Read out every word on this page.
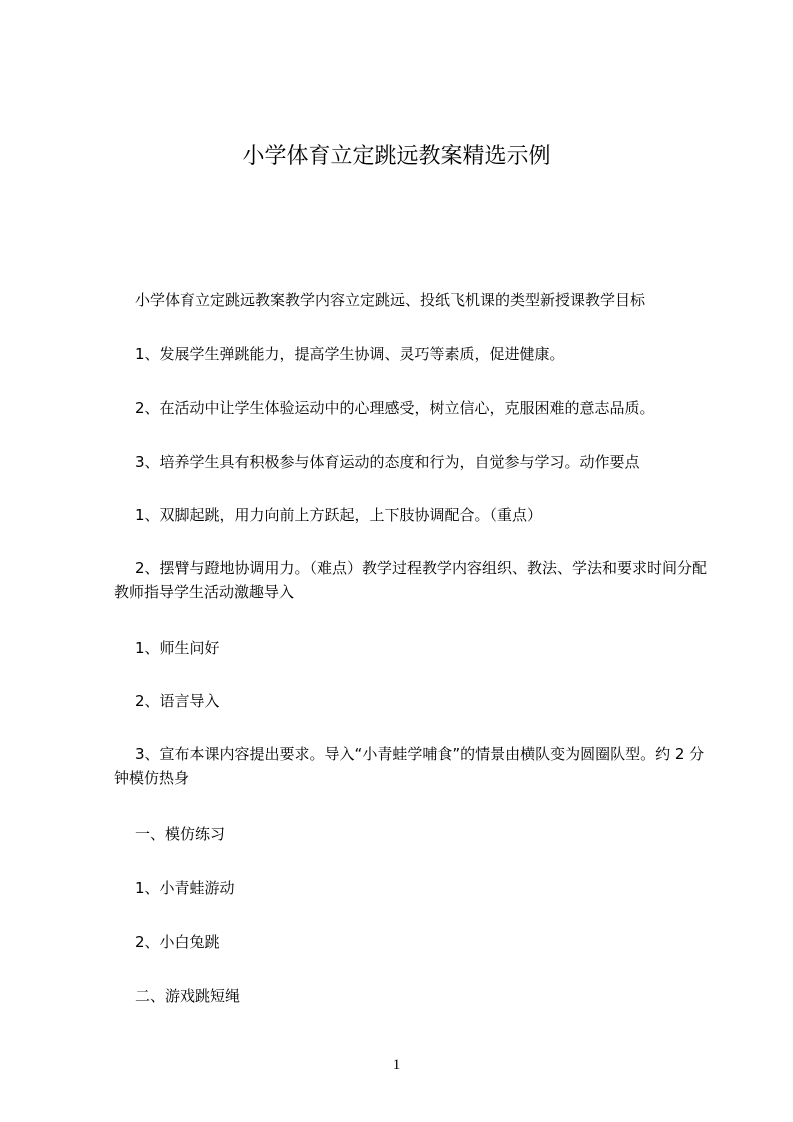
小学体育立定跳远教案精选示例

小学体育立定跳远教案教学内容立定跳远、投纸飞机课的类型新授课教学目标

1、发展学生弹跳能力，提高学生协调、灵巧等素质，促进健康。

2、在活动中让学生体验运动中的心理感受，树立信心，克服困难的意志品质。

3、培养学生具有积极参与体育运动的态度和行为，自觉参与学习。动作要点

1、双脚起跳，用力向前上方跃起，上下肢协调配合。（重点）

2、摆臂与蹬地协调用力。（难点）教学过程教学内容组织、教法、学法和要求时间分配教师指导学生活动激趣导入

1、师生问好

2、语言导入

3、宣布本课内容提出要求。导入“小青蛙学哺食”的情景由横队变为圆圈队型。约 2 分钟模仿热身

一、模仿练习

1、小青蛙游动

2、小白兔跳

二、游戏跳短绳

1
